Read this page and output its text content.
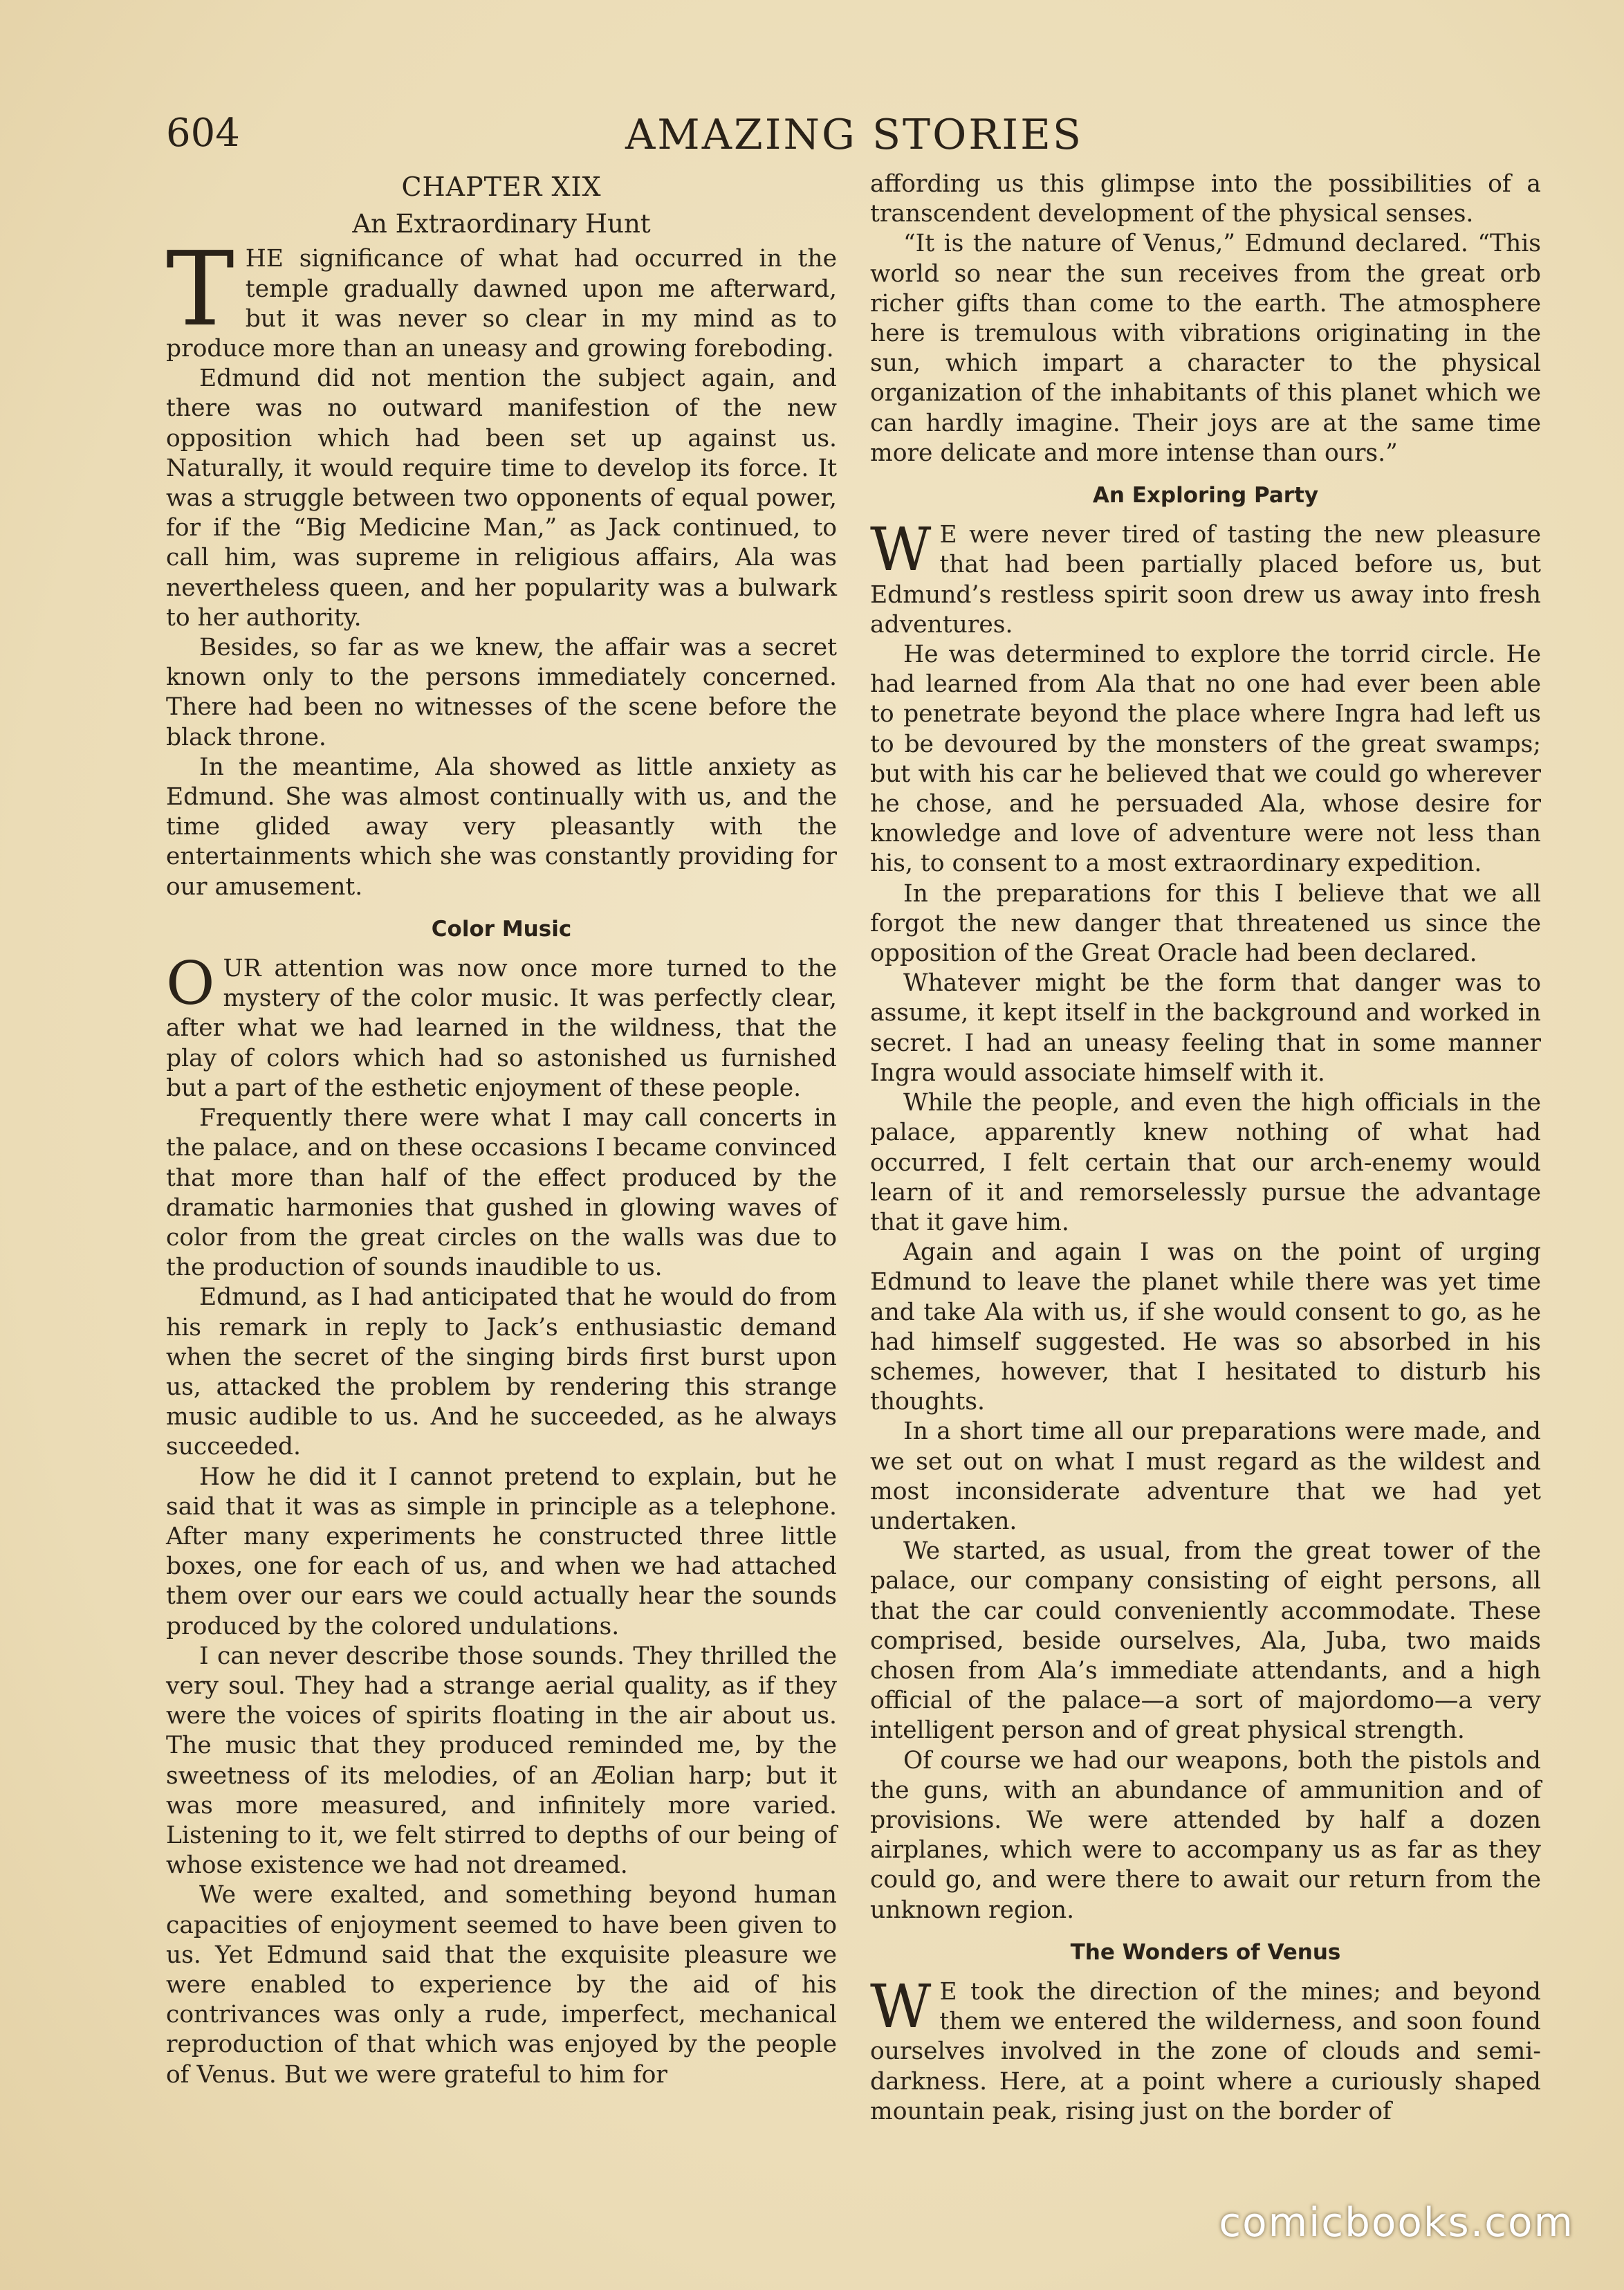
AMAZING STORIES
604
CHAPTER XIX
An Extraordinary Hunt

THE significance of what had occurred in the temple gradually dawned upon me afterward, but it was never so clear in my mind as to produce more than an uneasy and growing foreboding.

Edmund did not mention the subject again, and there was no outward manifestion of the new opposition which had been set up against us. Naturally, it would require time to develop its force. It was a struggle between two opponents of equal power, for if the “Big Medicine Man,” as Jack continued, to call him, was supreme in religious affairs, Ala was nevertheless queen, and her popularity was a bulwark to her authority.

Besides, so far as we knew, the affair was a secret known only to the persons immediately concerned. There had been no witnesses of the scene before the black throne.

In the meantime, Ala showed as little anxiety as Edmund. She was almost continually with us, and the time glided away very pleasantly with the entertainments which she was constantly providing for our amusement.

Color Music

OUR attention was now once more turned to the mystery of the color music. It was perfectly clear, after what we had learned in the wildness, that the play of colors which had so astonished us furnished but a part of the esthetic enjoyment of these people.

Frequently there were what I may call concerts in the palace, and on these occasions I became convinced that more than half of the effect produced by the dramatic harmonies that gushed in glowing waves of color from the great circles on the walls was due to the production of sounds inaudible to us.

Edmund, as I had anticipated that he would do from his remark in reply to Jack’s enthusiastic demand when the secret of the singing birds first burst upon us, attacked the problem by rendering this strange music audible to us. And he succeeded, as he always succeeded.

How he did it I cannot pretend to explain, but he said that it was as simple in principle as a telephone. After many experiments he constructed three little boxes, one for each of us, and when we had attached them over our ears we could actually hear the sounds produced by the colored undulations.

I can never describe those sounds. They thrilled the very soul. They had a strange aerial quality, as if they were the voices of spirits floating in the air about us. The music that they produced reminded me, by the sweetness of its melodies, of an Æolian harp; but it was more measured, and infinitely more varied. Listening to it, we felt stirred to depths of our being of whose existence we had not dreamed.

We were exalted, and something beyond human capacities of enjoyment seemed to have been given to us. Yet Edmund said that the exquisite pleasure we were enabled to experience by the aid of his contrivances was only a rude, imperfect, mechanical reproduction of that which was enjoyed by the people of Venus. But we were grateful to him for

affording us this glimpse into the possibilities of a transcendent development of the physical senses.

“It is the nature of Venus,” Edmund declared. “This world so near the sun receives from the great orb richer gifts than come to the earth. The atmosphere here is tremulous with vibrations originating in the sun, which impart a character to the physical organization of the inhabitants of this planet which we can hardly imagine. Their joys are at the same time more delicate and more intense than ours.”

An Exploring Party

W E were never tired of tasting the new pleasure that had been partially placed before us, but Edmund’s restless spirit soon drew us away into fresh adventures.

He was determined to explore the torrid circle. He had learned from Ala that no one had ever been able to penetrate beyond the place where Ingra had left us to be devoured by the monsters of the great swamps; but with his car he believed that we could go wherever he chose, and he persuaded Ala, whose desire for knowledge and love of adventure were not less than his, to consent to a most extraordinary expedition.

In the preparations for this I believe that we all forgot the new danger that threatened us since the opposition of the Great Oracle had been declared.

Whatever might be the form that danger was to assume, it kept itself in the background and worked in secret. I had an uneasy feeling that in some manner Ingra would associate himself with it.

While the people, and even the high officials in the palace, apparently knew nothing of what had occurred, I felt certain that our arch-enemy would learn of it and remorselessly pursue the advantage that it gave him.

Again and again I was on the point of urging Edmund to leave the planet while there was yet time and take Ala with us, if she would consent to go, as he had himself suggested. He was so absorbed in his schemes, however, that I hesitated to disturb his thoughts.

In a short time all our preparations were made, and we set out on what I must regard as the wildest and most inconsiderate adventure that we had yet undertaken.

We started, as usual, from the great tower of the palace, our company consisting of eight persons, all that the car could conveniently accommodate. These comprised, beside ourselves, Ala, Juba, two maids chosen from Ala’s immediate attendants, and a high official of the palace—a sort of majordomo—a very intelligent person and of great physical strength.

Of course we had our weapons, both the pistols and the guns, with an abundance of ammunition and of provisions. We were attended by half a dozen airplanes, which were to accompany us as far as they could go, and were there to await our return from the unknown region.

The Wonders of Venus

W E took the direction of the mines; and beyond them we entered the wilderness, and soon found ourselves involved in the zone of clouds and semi-darkness. Here, at a point where a curiously shaped mountain peak, rising just on the border of

comicbooks.com
